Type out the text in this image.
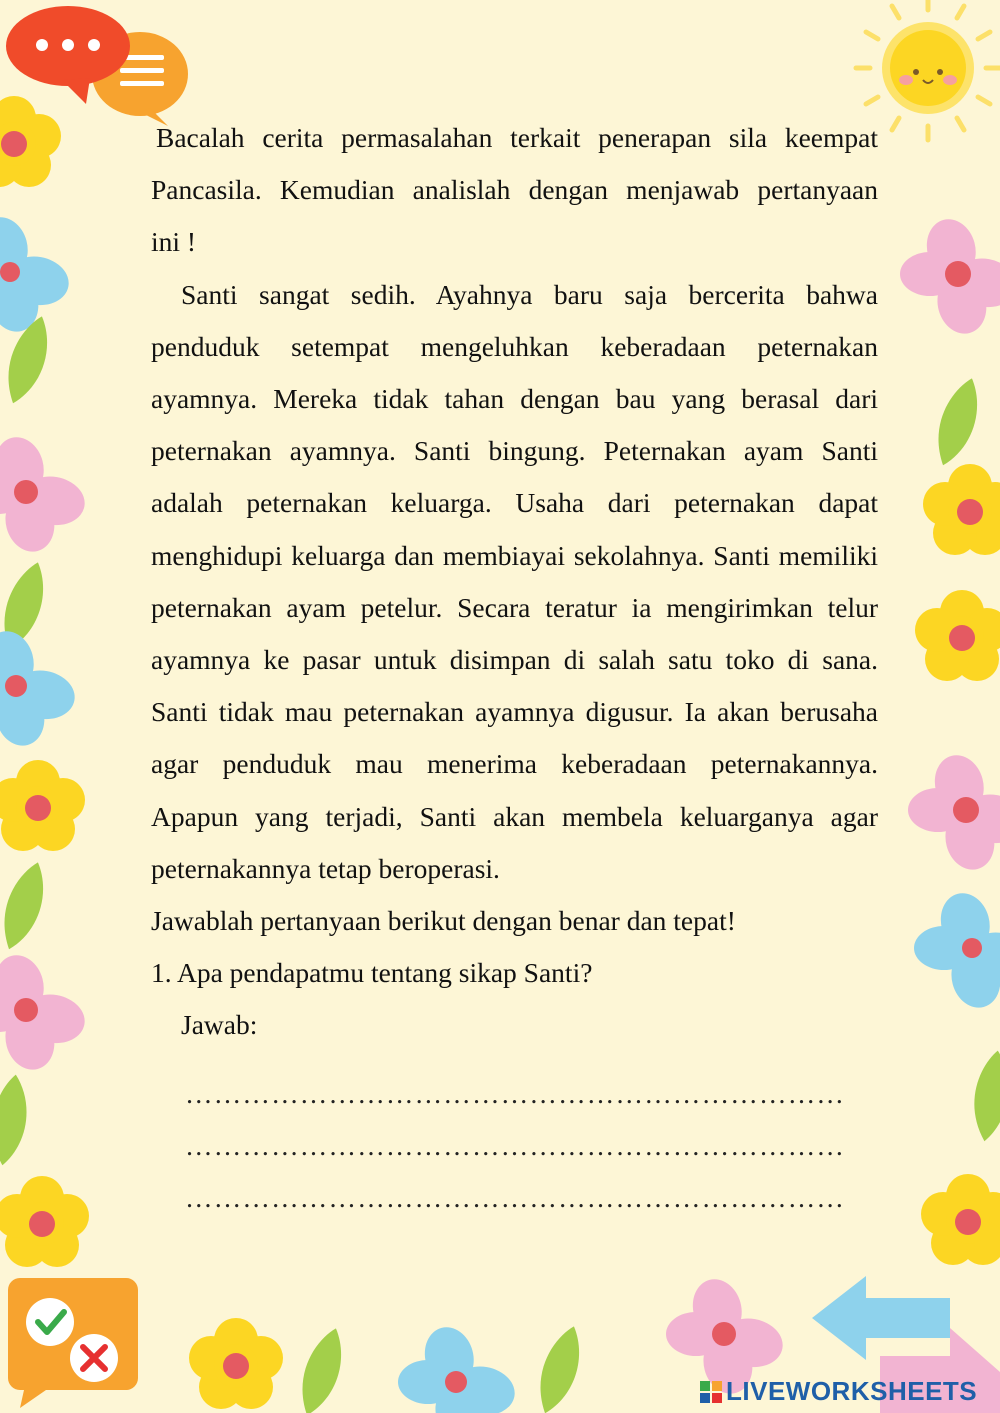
Bacalah cerita permasalahan terkait penerapan sila keempat

Pancasila. Kemudian analislah dengan menjawab pertanyaan

ini !

Santi sangat sedih. Ayahnya baru saja bercerita bahwa penduduk setempat mengeluhkan keberadaan peternakan ayamnya. Mereka tidak tahan dengan bau yang berasal dari peternakan ayamnya. Santi bingung. Peternakan ayam Santi adalah peternakan keluarga. Usaha dari peternakan dapat menghidupi keluarga dan membiayai sekolahnya. Santi memiliki peternakan ayam petelur. Secara teratur ia mengirimkan telur ayamnya ke pasar untuk disimpan di salah satu toko di sana. Santi tidak mau peternakan ayamnya digusur. Ia akan berusaha agar penduduk mau menerima keberadaan peternakannya. Apapun yang terjadi, Santi akan membela keluarganya agar peternakannya tetap beroperasi.

Jawablah pertanyaan berikut dengan benar dan tepat!

1. Apa pendapatmu tentang sikap Santi?

Jawab:

……………………………………………………………
……………………………………………………………
……………………………………………………………
LIVEWORKSHEETS
